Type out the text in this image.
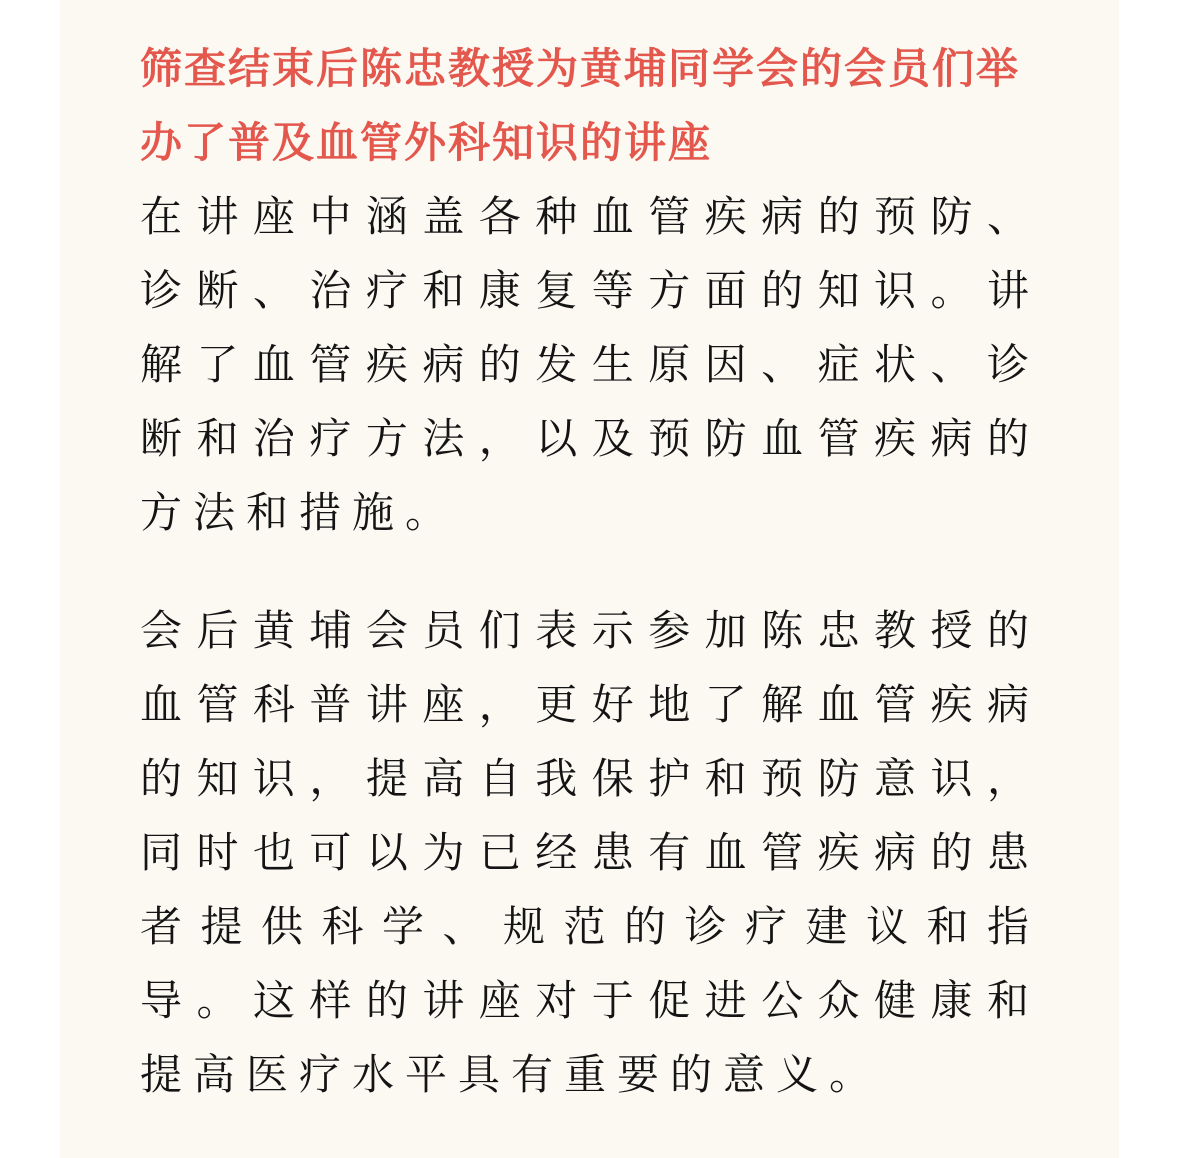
筛查结束后陈忠教授为黄埔同学会的会员们举办了普及血管外科知识的讲座

在讲座中涵盖各种血管疾病的预防、诊断、治疗和康复等方面的知识。讲解了血管疾病的发生原因、症状、诊断和治疗方法，以及预防血管疾病的方法和措施。

会后黄埔会员们表示参加陈忠教授的血管科普讲座，更好地了解血管疾病的知识，提高自我保护和预防意识，同时也可以为已经患有血管疾病的患者提供科学、规范的诊疗建议和指导。这样的讲座对于促进公众健康和提高医疗水平具有重要的意义。
